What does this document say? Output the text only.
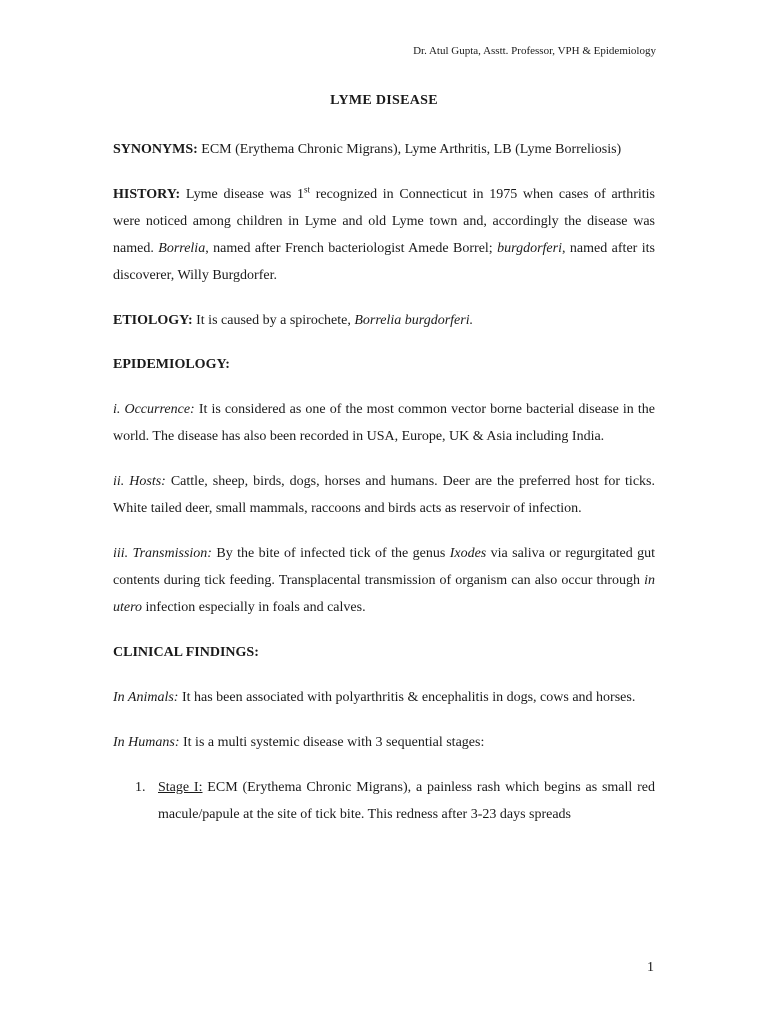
Dr. Atul Gupta, Asstt. Professor, VPH & Epidemiology
LYME DISEASE

SYNONYMS: ECM (Erythema Chronic Migrans), Lyme Arthritis, LB (Lyme Borreliosis)

HISTORY: Lyme disease was 1st recognized in Connecticut in 1975 when cases of arthritis were noticed among children in Lyme and old Lyme town and, accordingly the disease was named. Borrelia, named after French bacteriologist Amede Borrel; burgdorferi, named after its discoverer, Willy Burgdorfer.

ETIOLOGY: It is caused by a spirochete, Borrelia burgdorferi.

EPIDEMIOLOGY:

i. Occurrence: It is considered as one of the most common vector borne bacterial disease in the world. The disease has also been recorded in USA, Europe, UK & Asia including India.

ii. Hosts: Cattle, sheep, birds, dogs, horses and humans. Deer are the preferred host for ticks. White tailed deer, small mammals, raccoons and birds acts as reservoir of infection.

iii. Transmission: By the bite of infected tick of the genus Ixodes via saliva or regurgitated gut contents during tick feeding. Transplacental transmission of organism can also occur through in utero infection especially in foals and calves.

CLINICAL FINDINGS:

In Animals: It has been associated with polyarthritis & encephalitis in dogs, cows and horses.

In Humans: It is a multi systemic disease with 3 sequential stages:

1. Stage I: ECM (Erythema Chronic Migrans), a painless rash which begins as small red macule/papule at the site of tick bite. This redness after 3-23 days spreads
1
